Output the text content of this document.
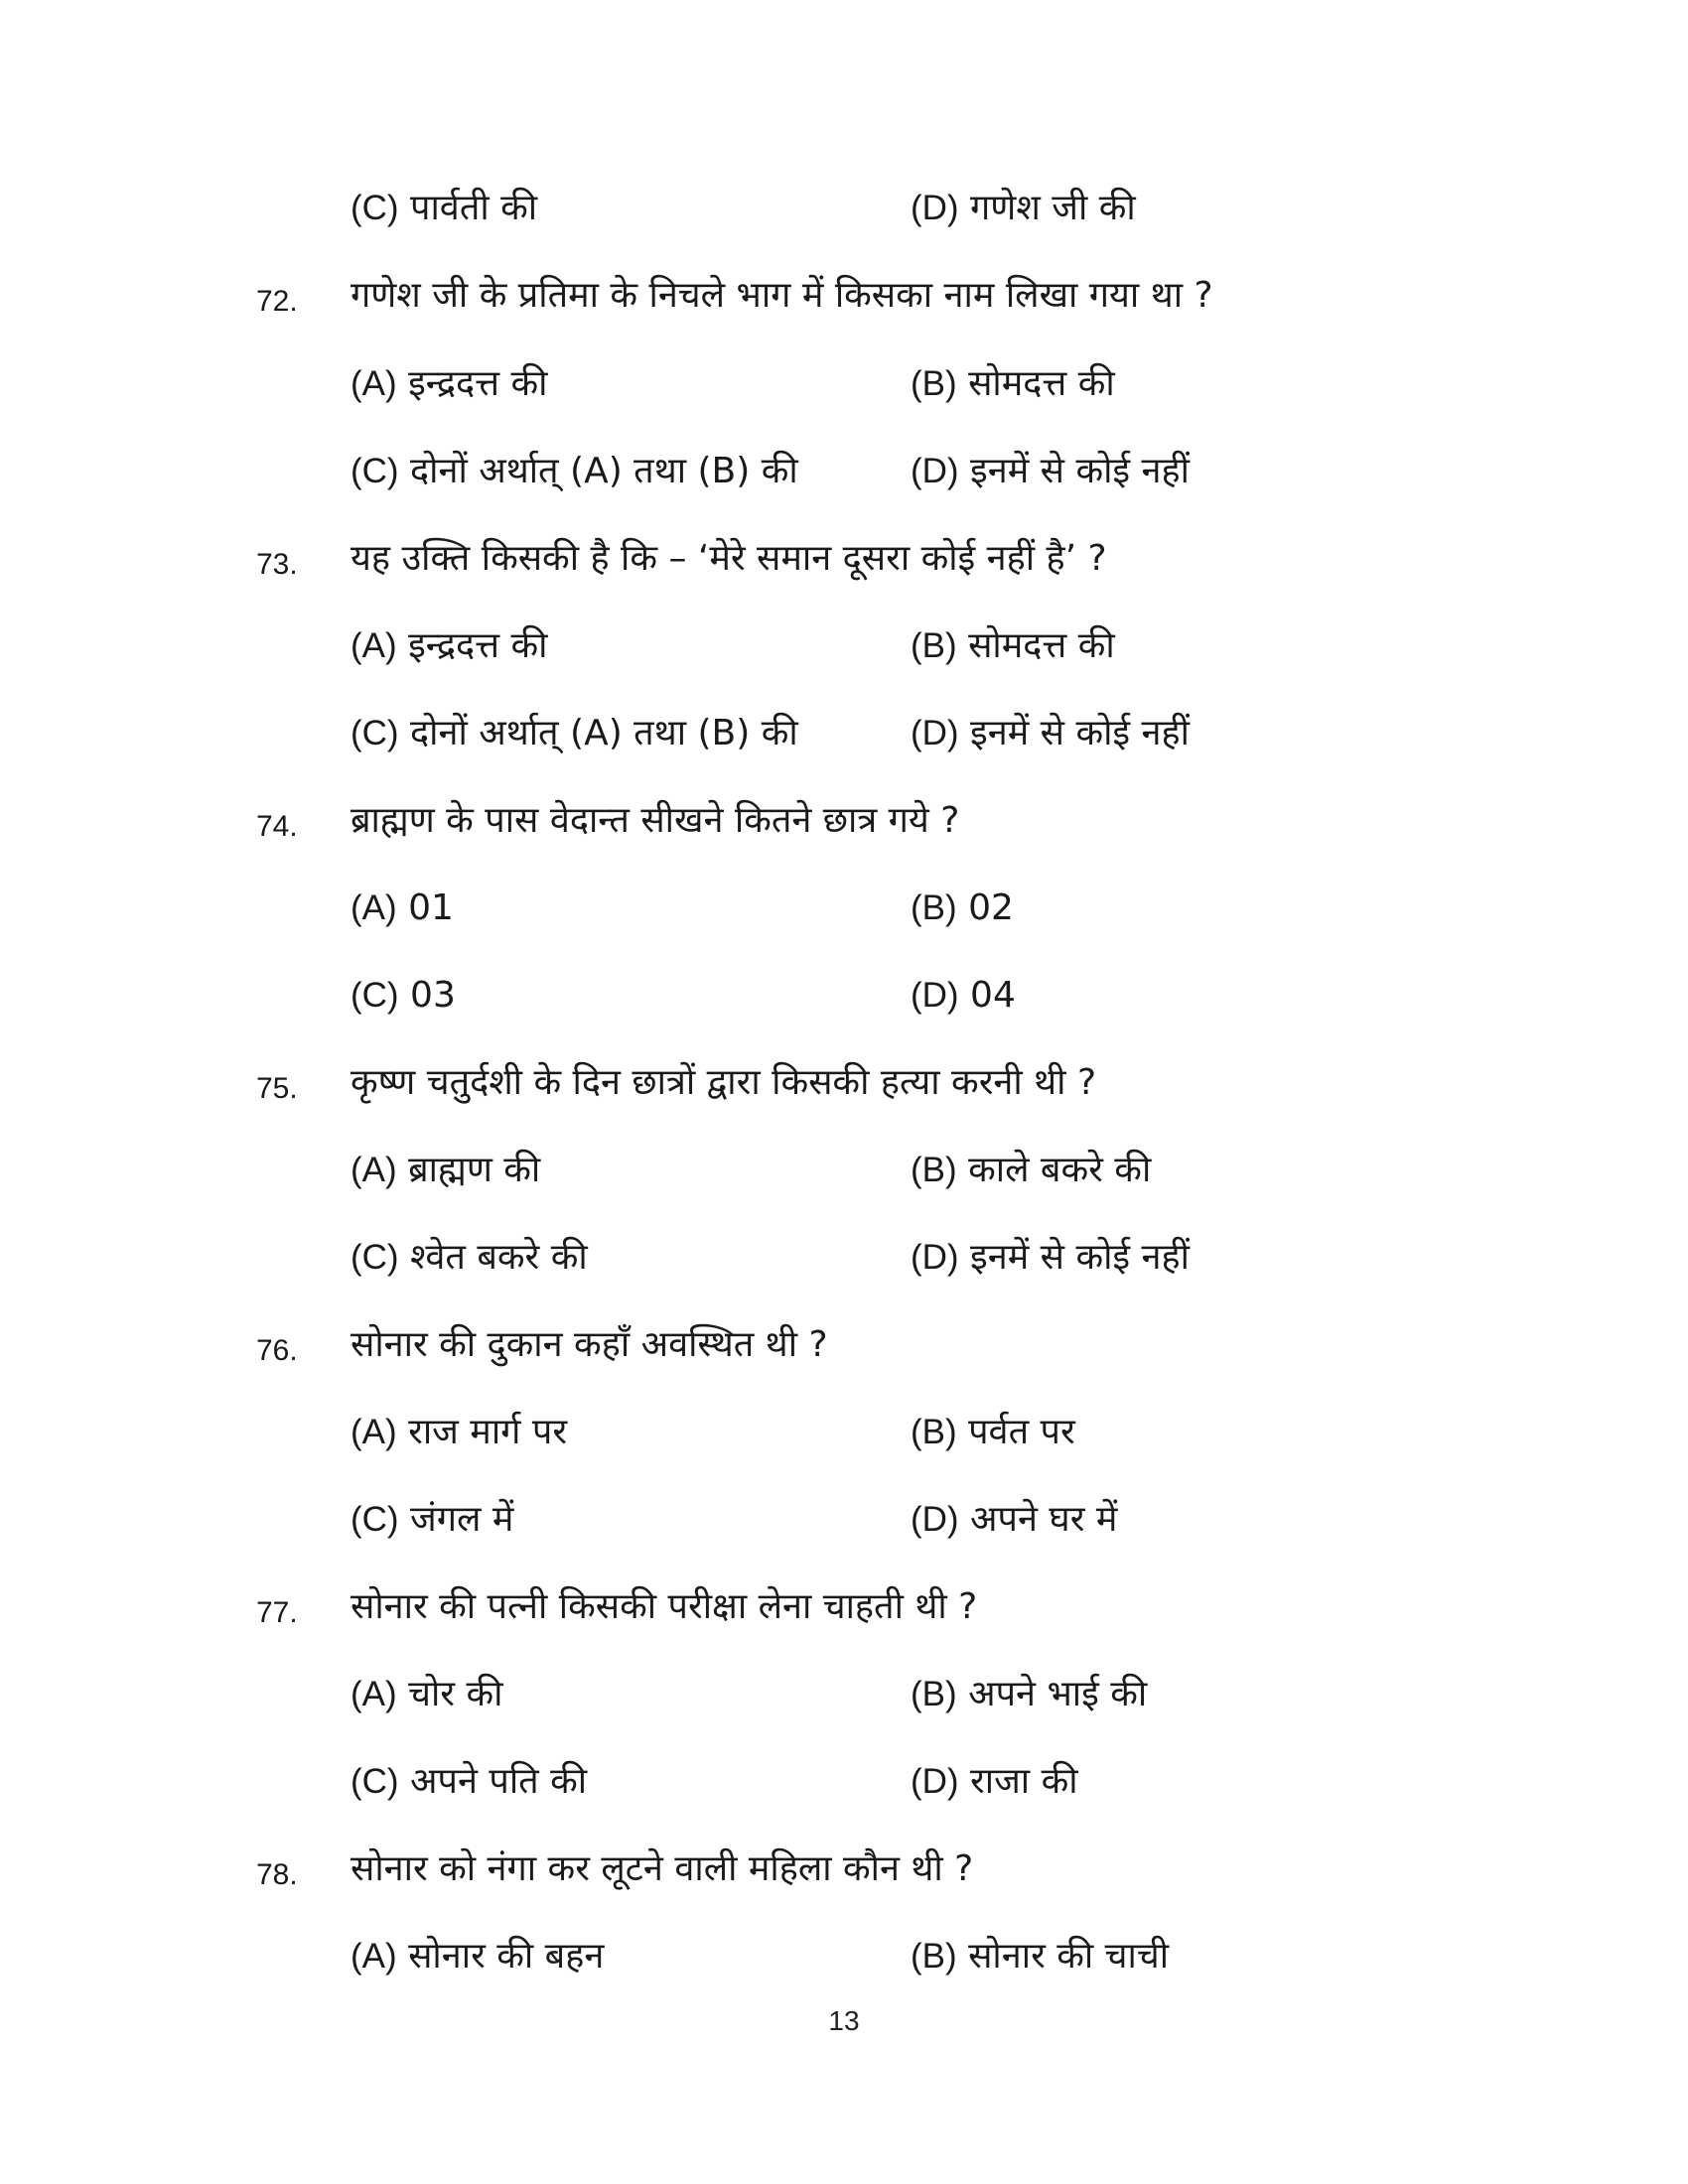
(C) पार्वती की	(D) गणेश जी की
72. गणेश जी के प्रतिमा के निचले भाग में किसका नाम लिखा गया था ?
(A) इन्द्रदत्त की	(B) सोमदत्त की
(C) दोनों अर्थात् (A) तथा (B) की	(D) इनमें से कोई नहीं
73. यह उक्ति किसकी है कि – ‘मेरे समान दूसरा कोई नहीं है’ ?
(A) इन्द्रदत्त की	(B) सोमदत्त की
(C) दोनों अर्थात् (A) तथा (B) की	(D) इनमें से कोई नहीं
74. ब्राह्मण के पास वेदान्त सीखने कितने छात्र गये ?
(A) 01	(B) 02
(C) 03	(D) 04
75. कृष्ण चतुर्दशी के दिन छात्रों द्वारा किसकी हत्या करनी थी ?
(A) ब्राह्मण की	(B) काले बकरे की
(C) श्वेत बकरे की	(D) इनमें से कोई नहीं
76. सोनार की दुकान कहाँ अवस्थित थी ?
(A) राज मार्ग पर	(B) पर्वत पर
(C) जंगल में	(D) अपने घर में
77. सोनार की पत्नी किसकी परीक्षा लेना चाहती थी ?
(A) चोर की	(B) अपने भाई की
(C) अपने पति की	(D) राजा की
78. सोनार को नंगा कर लूटने वाली महिला कौन थी ?
(A) सोनार की बहन	(B) सोनार की चाची
13
